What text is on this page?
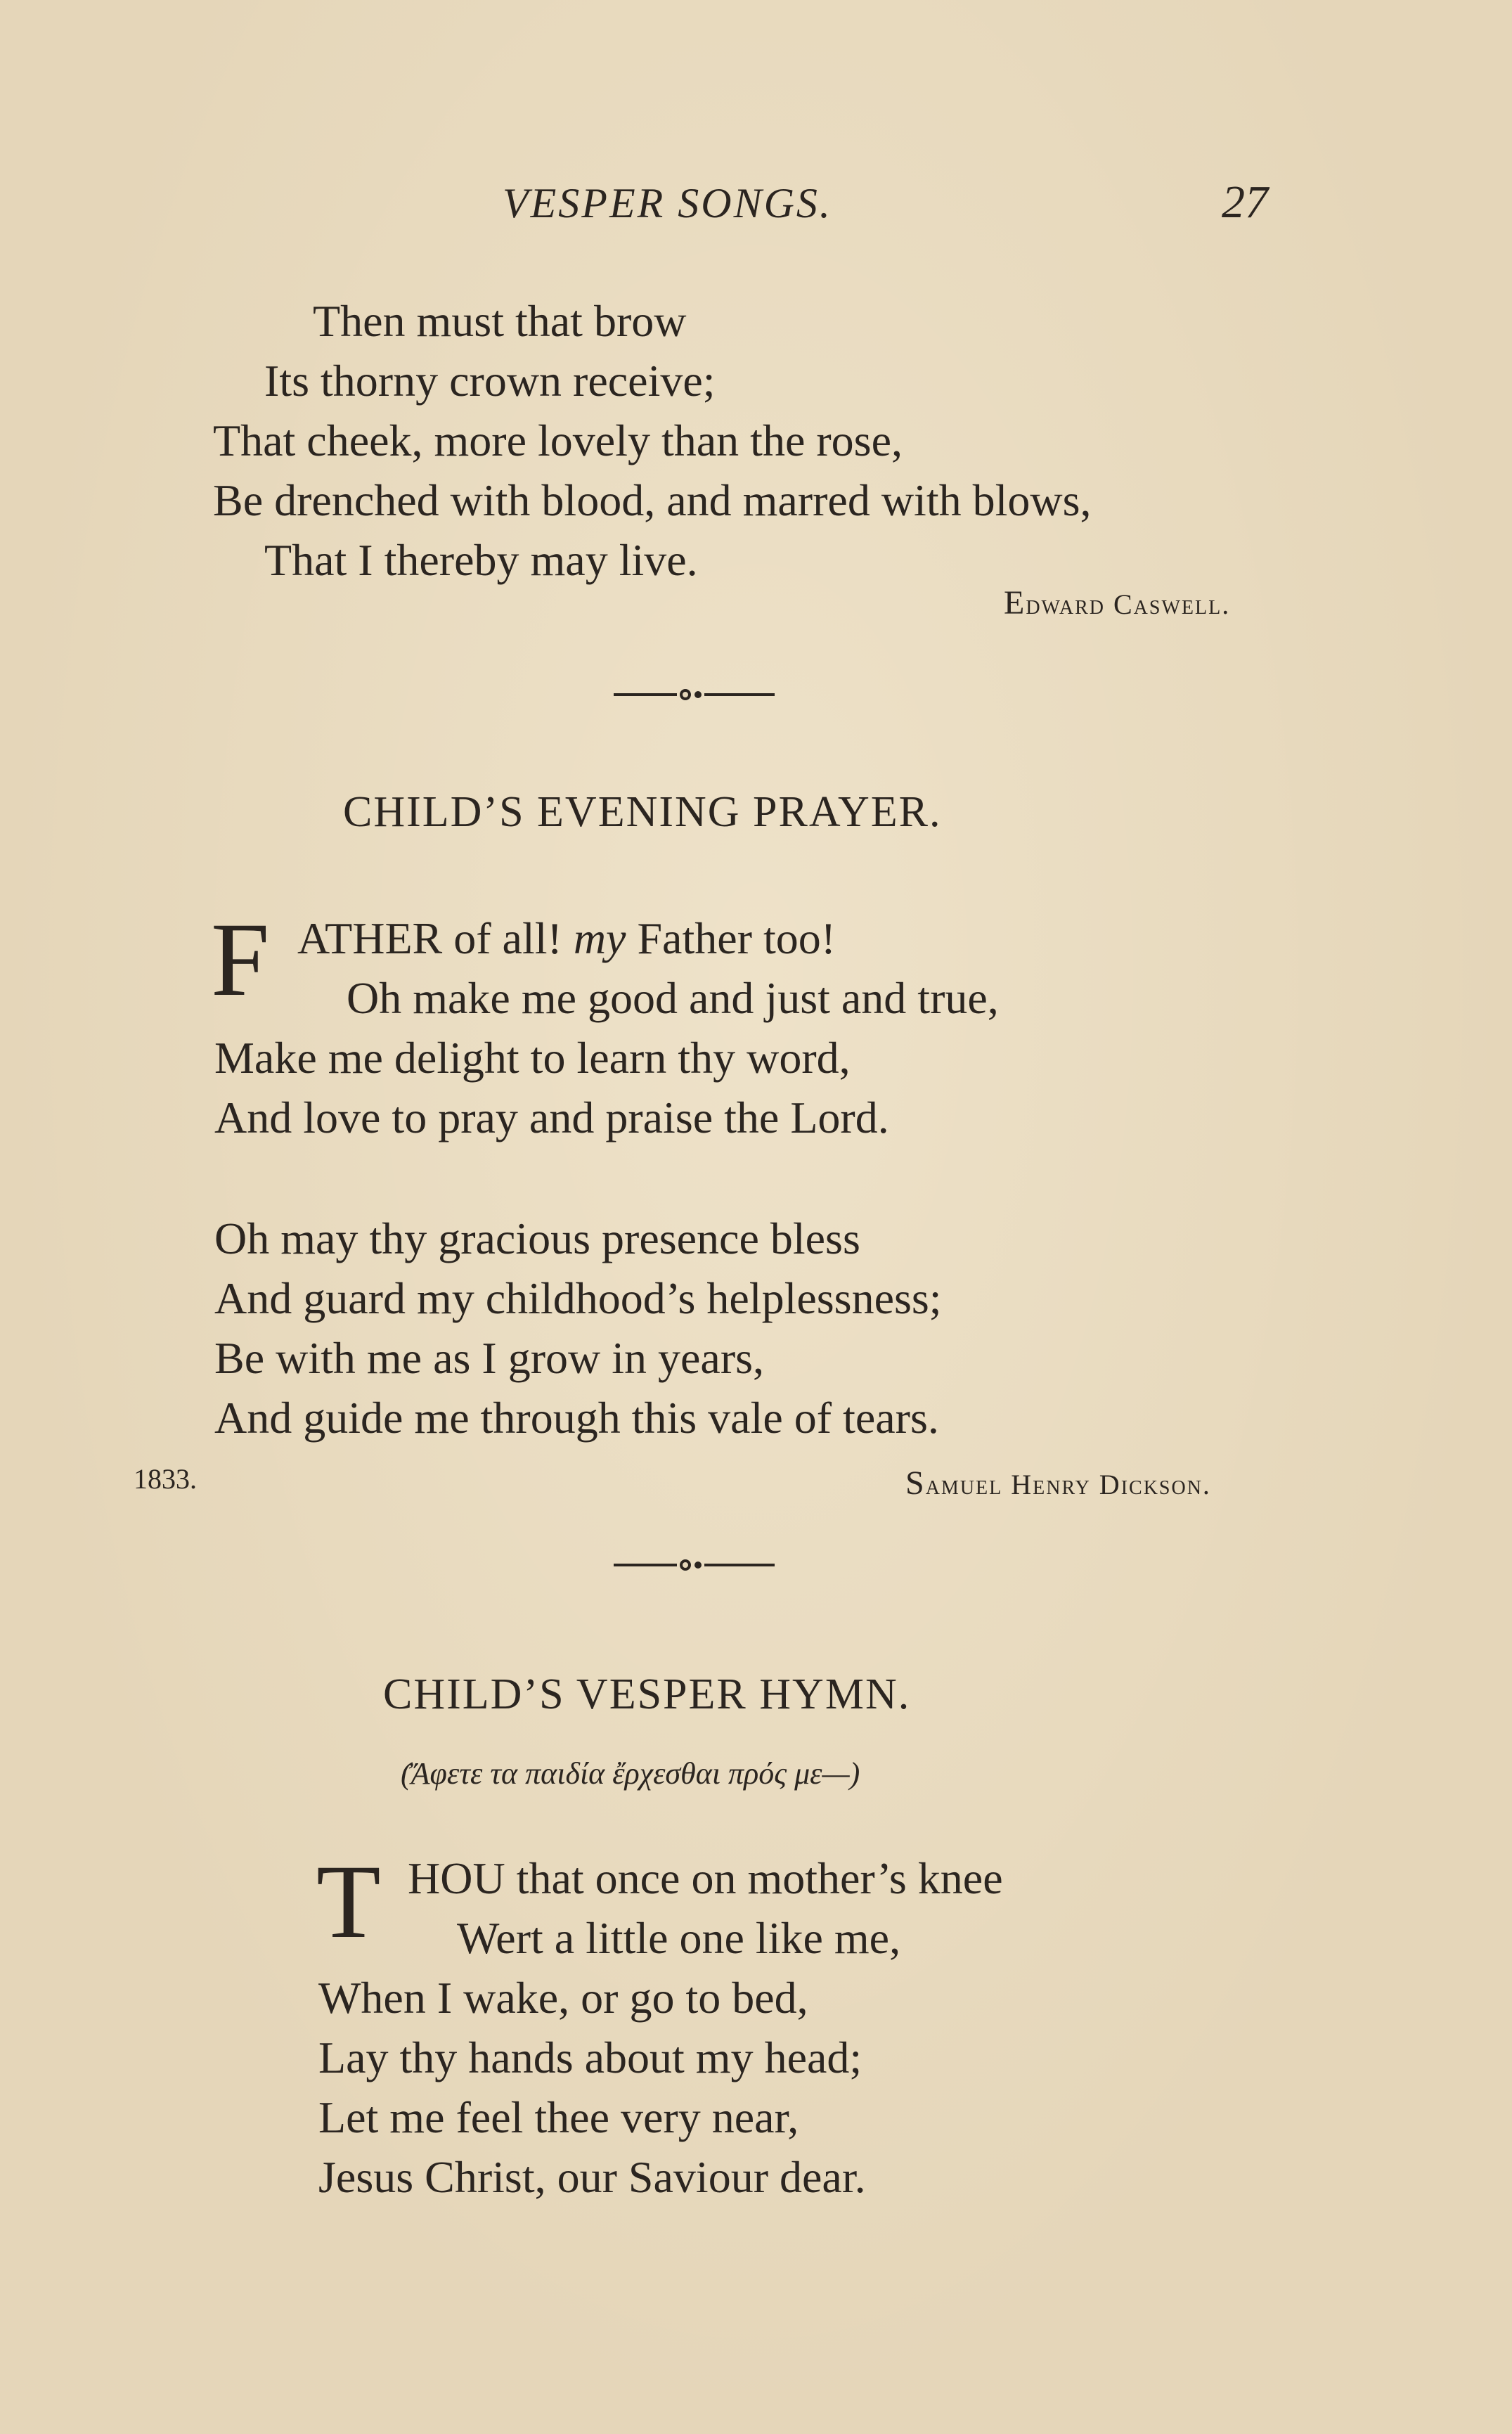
VESPER SONGS.	27
Then must that brow
Its thorny crown receive;
That cheek, more lovely than the rose,
Be drenched with blood, and marred with blows,
That I thereby may live.
Edward Caswell.
CHILD’S EVENING PRAYER.
F ATHER of all! my Father too!
Oh make me good and just and true,
Make me delight to learn thy word,
And love to pray and praise the Lord.
Oh may thy gracious presence bless
And guard my childhood’s helplessness;
Be with me as I grow in years,
And guide me through this vale of tears.
1833.	Samuel Henry Dickson.
CHILD’S VESPER HYMN.
(Ἄφετε τα παιδία ἔρχεσθαι πρός με—)
T HOU that once on mother’s knee
Wert a little one like me,
When I wake, or go to bed,
Lay thy hands about my head;
Let me feel thee very near,
Jesus Christ, our Saviour dear.
